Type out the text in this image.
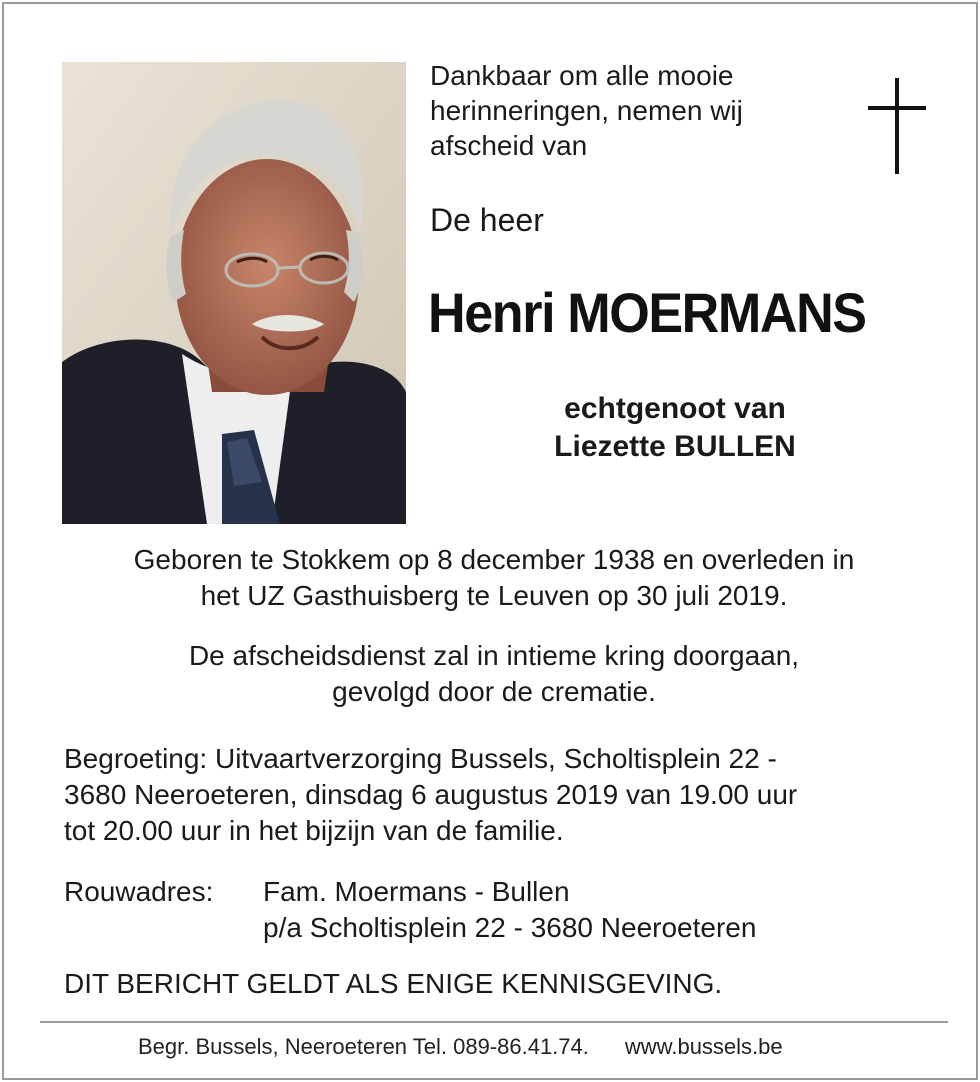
Dankbaar om alle mooie
herinneringen, nemen wij
afscheid van
De heer
Henri MOERMANS
echtgenoot van
Liezette BULLEN
Geboren te Stokkem op 8 december 1938 en overleden in
het UZ Gasthuisberg te Leuven op 30 juli 2019.
De afscheidsdienst zal in intieme kring doorgaan,
gevolgd door de crematie.
Begroeting: Uitvaartverzorging Bussels, Scholtisplein 22 -
3680 Neeroeteren, dinsdag 6 augustus 2019 van 19.00 uur
tot 20.00 uur in het bijzijn van de familie.
Rouwadres: Fam. Moermans - Bullen
p/a Scholtisplein 22 - 3680 Neeroeteren
DIT BERICHT GELDT ALS ENIGE KENNISGEVING.
Begr. Bussels, Neeroeteren Tel. 089-86.41.74. www.bussels.be
